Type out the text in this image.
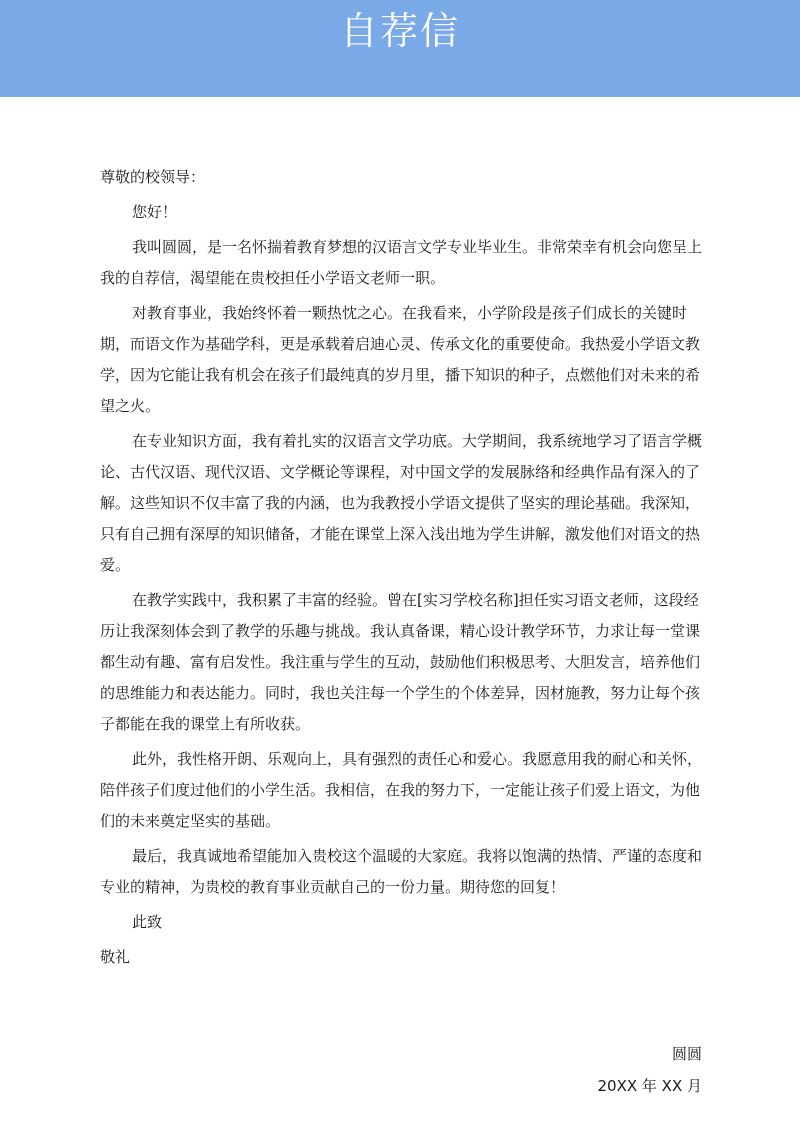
自荐信
尊敬的校领导：
您好！
我叫圆圆，是一名怀揣着教育梦想的汉语言文学专业毕业生。非常荣幸有机会向您呈上
我的自荐信，渴望能在贵校担任小学语文老师一职。
对教育事业，我始终怀着一颗热忱之心。在我看来，小学阶段是孩子们成长的关键时
期，而语文作为基础学科，更是承载着启迪心灵、传承文化的重要使命。我热爱小学语文教
学，因为它能让我有机会在孩子们最纯真的岁月里，播下知识的种子，点燃他们对未来的希
望之火。
在专业知识方面，我有着扎实的汉语言文学功底。大学期间，我系统地学习了语言学概
论、古代汉语、现代汉语、文学概论等课程，对中国文学的发展脉络和经典作品有深入的了
解。这些知识不仅丰富了我的内涵，也为我教授小学语文提供了坚实的理论基础。我深知，
只有自己拥有深厚的知识储备，才能在课堂上深入浅出地为学生讲解，激发他们对语文的热
爱。
在教学实践中，我积累了丰富的经验。曾在[实习学校名称]担任实习语文老师，这段经
历让我深刻体会到了教学的乐趣与挑战。我认真备课，精心设计教学环节，力求让每一堂课
都生动有趣、富有启发性。我注重与学生的互动，鼓励他们积极思考、大胆发言，培养他们
的思维能力和表达能力。同时，我也关注每一个学生的个体差异，因材施教，努力让每个孩
子都能在我的课堂上有所收获。
此外，我性格开朗、乐观向上，具有强烈的责任心和爱心。我愿意用我的耐心和关怀，
陪伴孩子们度过他们的小学生活。我相信，在我的努力下，一定能让孩子们爱上语文，为他
们的未来奠定坚实的基础。
最后，我真诚地希望能加入贵校这个温暖的大家庭。我将以饱满的热情、严谨的态度和
专业的精神，为贵校的教育事业贡献自己的一份力量。期待您的回复！
此致
敬礼
圆圆
20XX 年 XX 月
